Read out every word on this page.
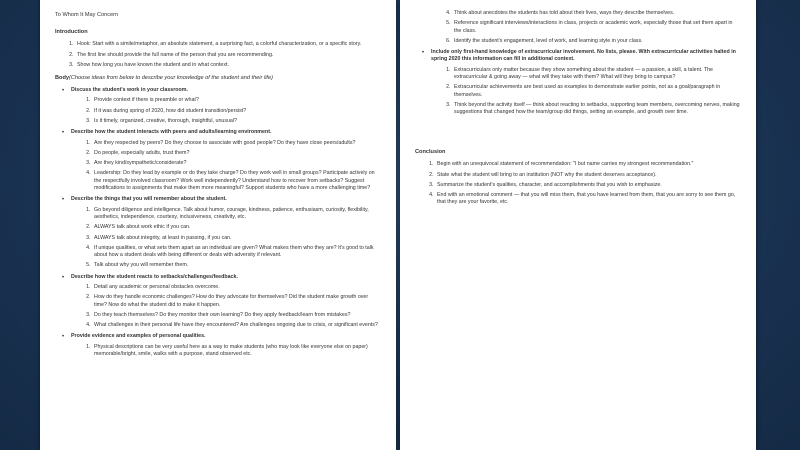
To Whom It May Concern
Introduction
1. Hook: Start with a simile/metaphor, an absolute statement, a surprising fact, a colorful characterization, or a specific story.
2. The first line should provide the full name of the person that you are recommending.
3. Show how long you have known the student and in what context.
Body(Choose ideas from below to describe your knowledge of the student and their life)
• Discuss the student's work in your classroom.
1. Provide context if there is preamble or what?
2. If it was during spring of 2020, how did student transition/persist?
3. Is it timely, organized, creative, thorough, insightful, unusual?
• Describe how the student interacts with peers and adults/learning environment.
1. Are they respected by peers? Do they choose to associate with good people? Do they have close peers/adults?
2. Do people, especially adults, trust them?
3. Are they kind/sympathetic/considerate?
4. Leadership: Do they lead by example or do they take charge? Do they work well in small groups? Participate actively on the respectfully involved classroom? Work well independently? Understand how to recover from setbacks? Suggest modifications to assignments that make them more meaningful? Support students who have a more challenging time?
• Describe the things that you will remember about the student.
1. Go beyond diligence and intelligence. Talk about humor, courage, kindness, patience, enthusiasm, curiosity, flexibility, aesthetics, independence, courtesy, inclusiveness, creativity, etc.
2. ALWAYS talk about work ethic if you can.
3. ALWAYS talk about integrity, at least in passing, if you can.
4. If unique qualities, or what sets them apart as an individual are given? What makes them who they are? It's good to talk about how a student deals with being different or deals with adversity if relevant.
5. Talk about why you will remember them.
• Describe how the student reacts to setbacks/challenges/feedback.
1. Detail any academic or personal obstacles overcome.
2. How do they handle economic challenges? How do they advocate for themselves? Did the student make growth over time? Now do what the student did to make it happen.
3. Do they teach themselves? Do they monitor their own learning? Do they apply feedback/learn from mistakes?
4. What challenges in their personal life have they encountered? Are challenges ongoing due to crisis, or significant events?
• Provide evidence and examples of personal qualities.
1. Physical descriptions can be very useful here as a way to make students (who may look like everyone else on paper) memorable/bright, smile, walks with a purpose, stand observed etc.
4. Think about anecdotes the students has told about their lives, ways they describe themselves.
5. Reference significant interviews/interactions in class, projects or academic work, especially those that set them apart in the class.
6. Identify the student's engagement, level of work, and learning style in your class.
• Include only first-hand knowledge of extracurricular involvement. No lists, please. With extracurricular activities halted in spring 2020 this information can fill in additional context.
1. Extracurriculars only matter because they show something about the student — a passion, a skill, a talent. The extracurricular & going away — what will they take with them? What will they bring to campus?
2. Extracurricular achievements are best used as examples to demonstrate earlier points, not as a goal/paragraph in themselves.
3. Think beyond the activity itself — think about reacting to setbacks, supporting team members, overcoming nerves, making suggestions that changed how the team/group did things, setting an example, and growth over time.
Conclusion
1. Begin with an unequivocal statement of recommendation: "I but name carries my strongest recommendation."
2. State what the student will bring to an institution (NOT why the student deserves acceptance).
3. Summarize the student's qualities, character, and accomplishments that you wish to emphasize.
4. End with an emotional comment — that you will miss them, that you have learned from them, that you are sorry to see them go, that they are your favorite, etc.
